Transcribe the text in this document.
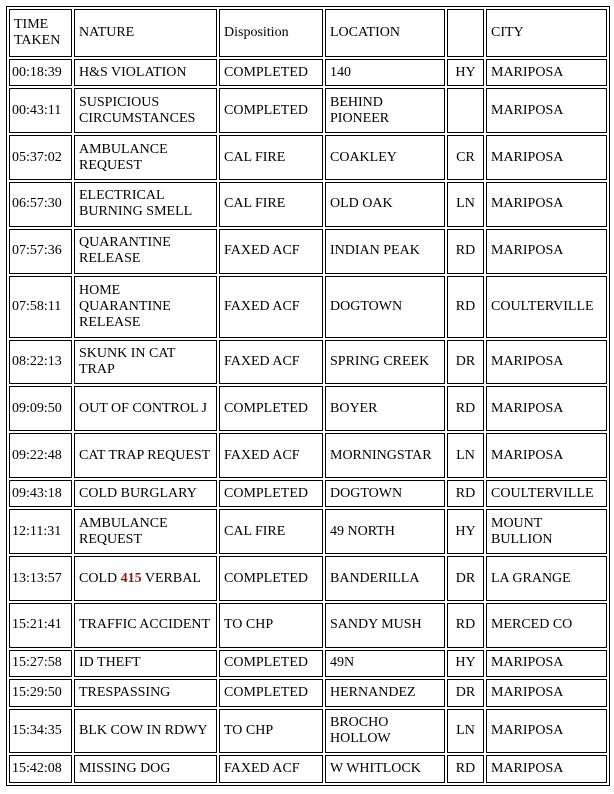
TIME TAKEN	NATURE	Disposition	LOCATION		CITY
00:18:39	H&S VIOLATION	COMPLETED	140	HY	MARIPOSA
00:43:11	SUSPICIOUS CIRCUMSTANCES	COMPLETED	BEHIND PIONEER		MARIPOSA
05:37:02	AMBULANCE REQUEST	CAL FIRE	COAKLEY	CR	MARIPOSA
06:57:30	ELECTRICAL BURNING SMELL	CAL FIRE	OLD OAK	LN	MARIPOSA
07:57:36	QUARANTINE RELEASE	FAXED ACF	INDIAN PEAK	RD	MARIPOSA
07:58:11	HOME QUARANTINE RELEASE	FAXED ACF	DOGTOWN	RD	COULTERVILLE
08:22:13	SKUNK IN CAT TRAP	FAXED ACF	SPRING CREEK	DR	MARIPOSA
09:09:50	OUT OF CONTROL J	COMPLETED	BOYER	RD	MARIPOSA
09:22:48	CAT TRAP REQUEST	FAXED ACF	MORNINGSTAR	LN	MARIPOSA
09:43:18	COLD BURGLARY	COMPLETED	DOGTOWN	RD	COULTERVILLE
12:11:31	AMBULANCE REQUEST	CAL FIRE	49 NORTH	HY	MOUNT BULLION
13:13:57	COLD 415 VERBAL	COMPLETED	BANDERILLA	DR	LA GRANGE
15:21:41	TRAFFIC ACCIDENT	TO CHP	SANDY MUSH	RD	MERCED CO
15:27:58	ID THEFT	COMPLETED	49N	HY	MARIPOSA
15:29:50	TRESPASSING	COMPLETED	HERNANDEZ	DR	MARIPOSA
15:34:35	BLK COW IN RDWY	TO CHP	BROCHO HOLLOW	LN	MARIPOSA
15:42:08	MISSING DOG	FAXED ACF	W WHITLOCK	RD	MARIPOSA
